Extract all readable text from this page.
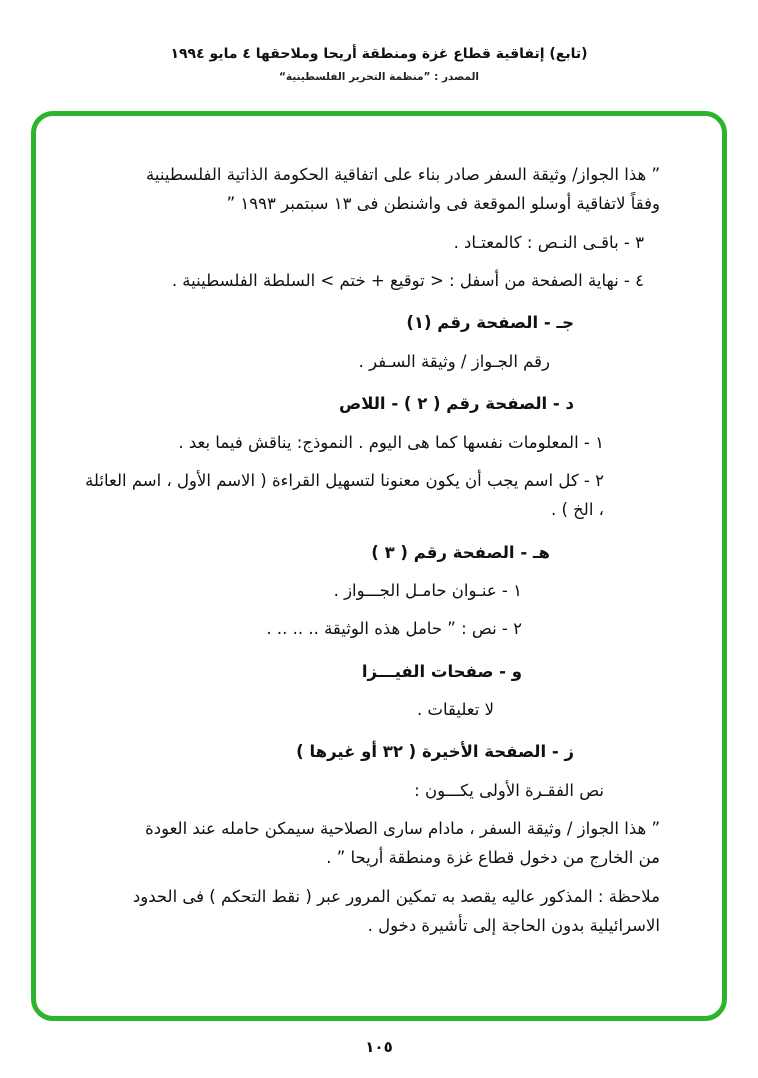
(تابع) إتفاقية قطاع غزة ومنطقة أريحا وملاحقها ٤ مايو ١٩٩٤
المصدر : ”منظمة التحرير الفلسطينية“

” هذا الجواز/ وثيقة السفر صادر بناء على اتفاقية الحكومة الذاتية الفلسطينية وفقاً لاتفاقية أوسلو الموقعة فى واشنطن فى ١٣ سبتمبر ١٩٩٣ ”

٣ - باقـى النـص : كالمعتـاد .

٤ - نهاية الصفحة من أسفل : < توقيع + ختم > السلطة الفلسطينية .

جـ - الصفحة رقم (١)

رقم الجـواز / وثيقة السـفر .

د - الصفحة رقم ( ٢ ) - اللاص

١ - المعلومات نفسها كما هى اليوم . النموذج: يناقش فيما بعد .

٢ - كل اسم يجب أن يكون معنونا لتسهيل القراءة ( الاسم الأول ، اسم العائلة ، الخ ) .

هـ - الصفحة رقم ( ٣ )

١ - عنـوان حامـل الجـــواز .

٢ - نص : ” حامل هذه الوثيقة .. .. .. .

و - صفحات الفيـــزا

لا تعليقات .

ز - الصفحة الأخيرة ( ٣٢ أو غيرها )

نص الفقـرة الأولى يكـــون :

” هذا الجواز / وثيقة السفر ، مادام سارى الصلاحية سيمكن حامله عند العودة من الخارج من دخول قطاع غزة ومنطقة أريحا ” .

ملاحظة : المذكور عاليه يقصد به تمكين المرور عبر ( نقط التحكم ) فى الحدود الاسرائيلية بدون الحاجة إلى تأشيرة دخول .

١٠٥
